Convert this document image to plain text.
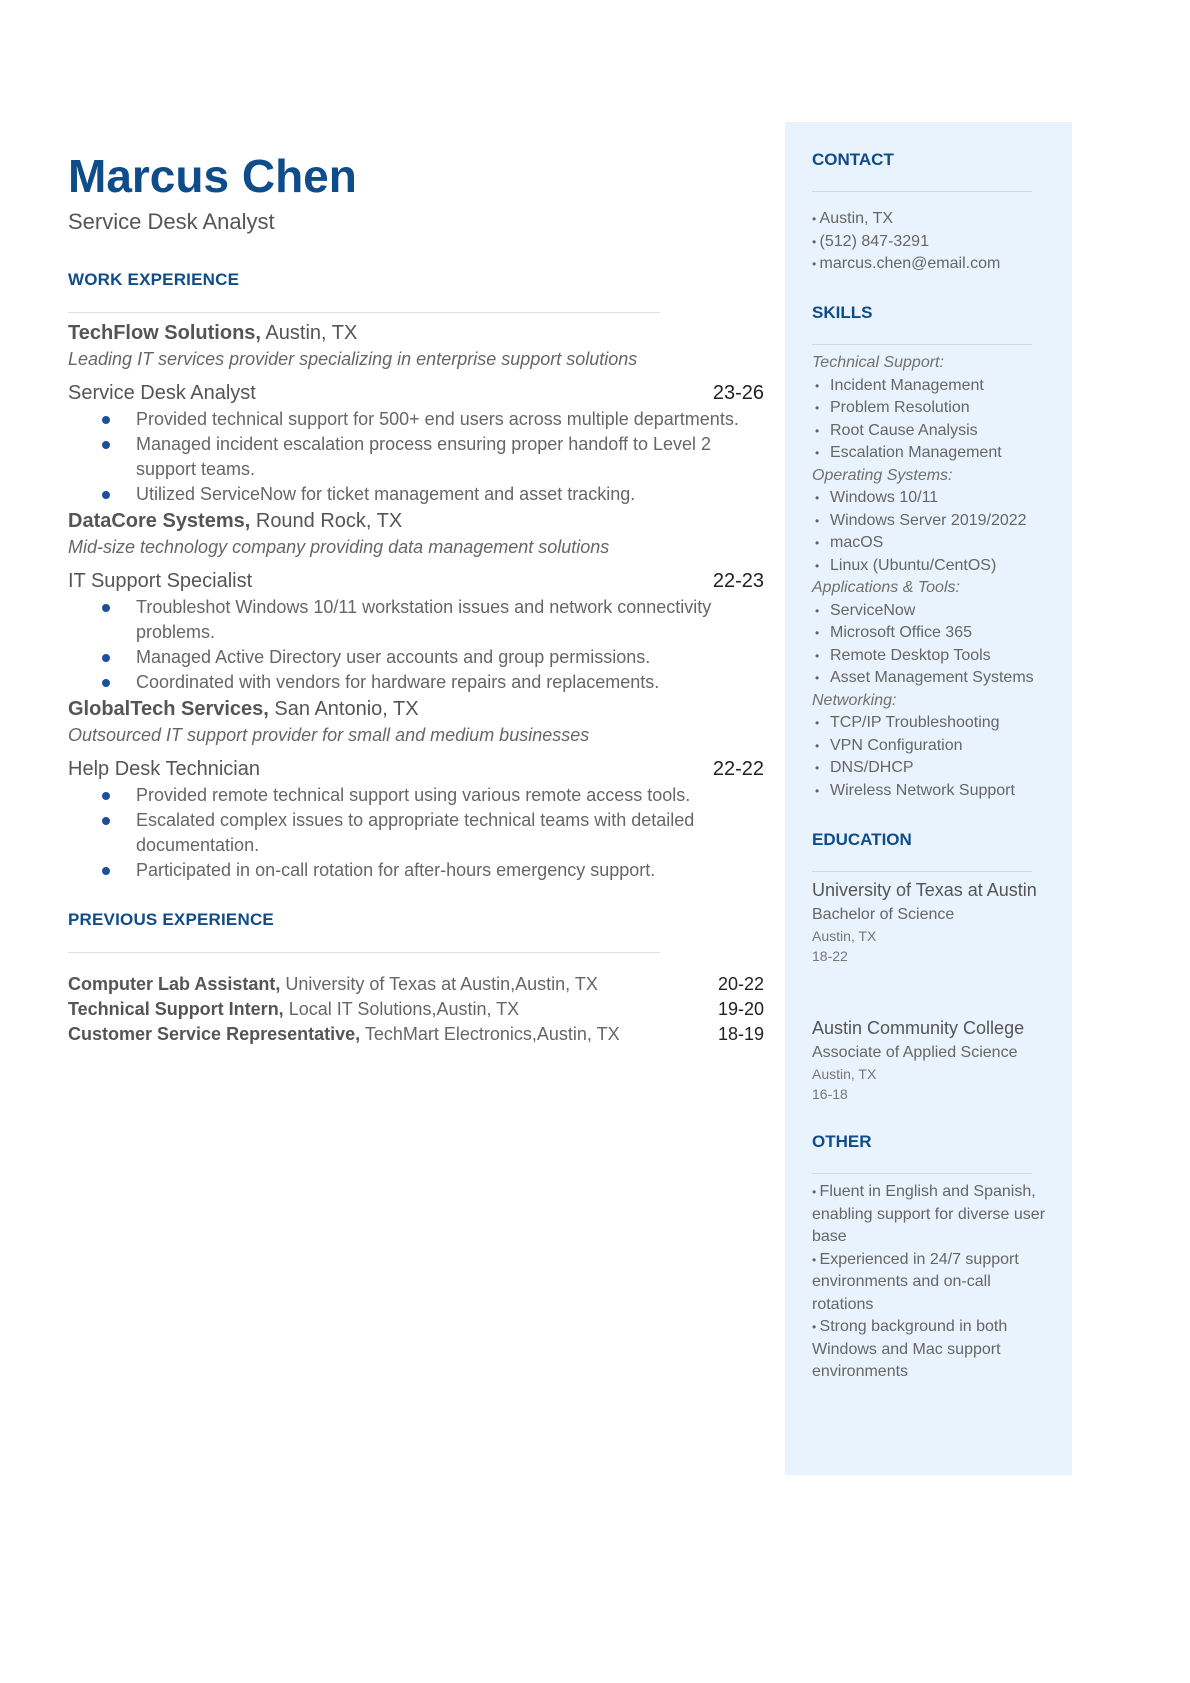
Marcus Chen
Service Desk Analyst
WORK EXPERIENCE
TechFlow Solutions, Austin, TX
Leading IT services provider specializing in enterprise support solutions
Service Desk Analyst	23-26
Provided technical support for 500+ end users across multiple departments.
Managed incident escalation process ensuring proper handoff to Level 2 support teams.
Utilized ServiceNow for ticket management and asset tracking.
DataCore Systems, Round Rock, TX
Mid-size technology company providing data management solutions
IT Support Specialist	22-23
Troubleshot Windows 10/11 workstation issues and network connectivity problems.
Managed Active Directory user accounts and group permissions.
Coordinated with vendors for hardware repairs and replacements.
GlobalTech Services, San Antonio, TX
Outsourced IT support provider for small and medium businesses
Help Desk Technician	22-22
Provided remote technical support using various remote access tools.
Escalated complex issues to appropriate technical teams with detailed documentation.
Participated in on-call rotation for after-hours emergency support.
PREVIOUS EXPERIENCE
Computer Lab Assistant, University of Texas at Austin,Austin, TX	20-22
Technical Support Intern, Local IT Solutions,Austin, TX	19-20
Customer Service Representative, TechMart Electronics,Austin, TX	18-19
CONTACT
• Austin, TX
• (512) 847-3291
• marcus.chen@email.com
SKILLS
Technical Support:
• Incident Management
• Problem Resolution
• Root Cause Analysis
• Escalation Management
Operating Systems:
• Windows 10/11
• Windows Server 2019/2022
• macOS
• Linux (Ubuntu/CentOS)
Applications & Tools:
• ServiceNow
• Microsoft Office 365
• Remote Desktop Tools
• Asset Management Systems
Networking:
• TCP/IP Troubleshooting
• VPN Configuration
• DNS/DHCP
• Wireless Network Support
EDUCATION
University of Texas at Austin
Bachelor of Science
Austin, TX
18-22
Austin Community College
Associate of Applied Science
Austin, TX
16-18
OTHER
• Fluent in English and Spanish, enabling support for diverse user base
• Experienced in 24/7 support environments and on-call rotations
• Strong background in both Windows and Mac support environments
